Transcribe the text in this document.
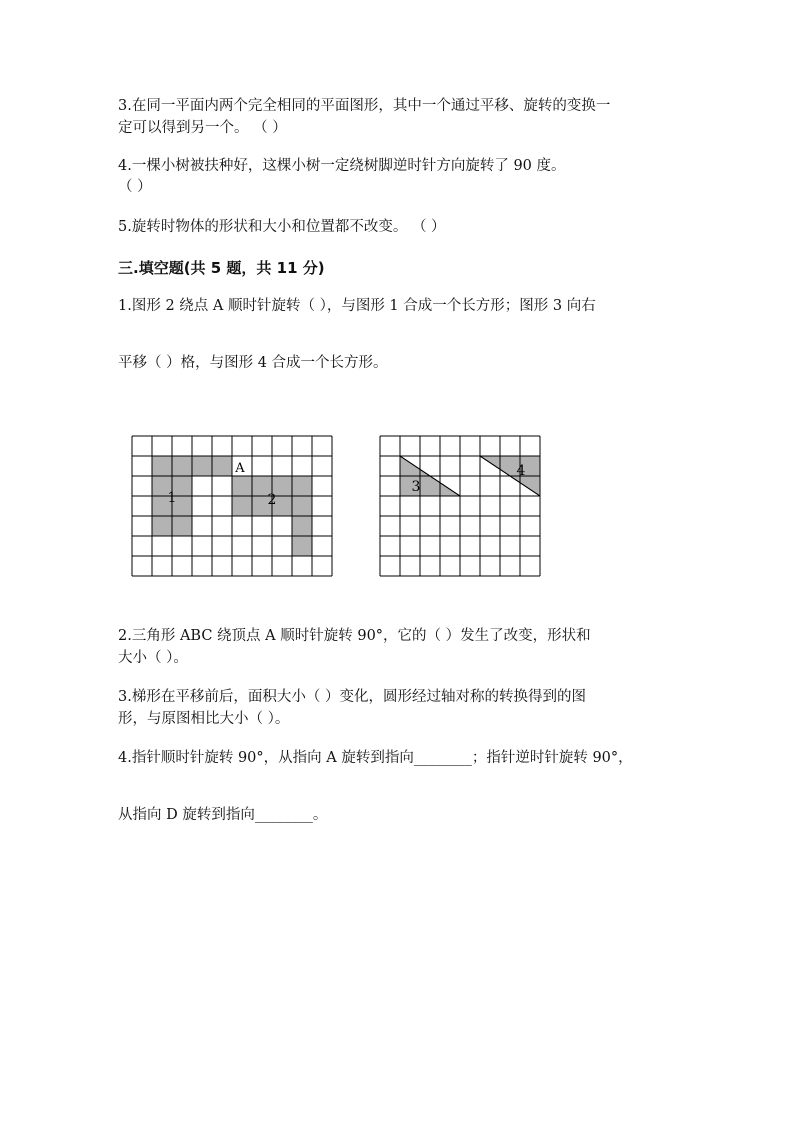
3.在同一平面内两个完全相同的平面图形，其中一个通过平移、旋转的变换一
定可以得到另一个。 （ ）
4.一棵小树被扶种好，这棵小树一定绕树脚逆时针方向旋转了 90 度。
（ ）
5.旋转时物体的形状和大小和位置都不改变。 （ ）
三.填空题(共 5 题，共 11 分)
1.图形 2 绕点 A 顺时针旋转（ ），与图形 1 合成一个长方形；图形 3 向右
平移（ ）格，与图形 4 合成一个长方形。
1	2
A
3
4
2.三角形 ABC 绕顶点 A 顺时针旋转 90°，它的（ ）发生了改变，形状和
大小（ ）。
3.梯形在平移前后，面积大小（ ）变化，圆形经过轴对称的转换得到的图
形，与原图相比大小（ ）。
4.指针顺时针旋转 90°，从指向 A 旋转到指向________；指针逆时针旋转 90°，
从指向 D 旋转到指向________。
